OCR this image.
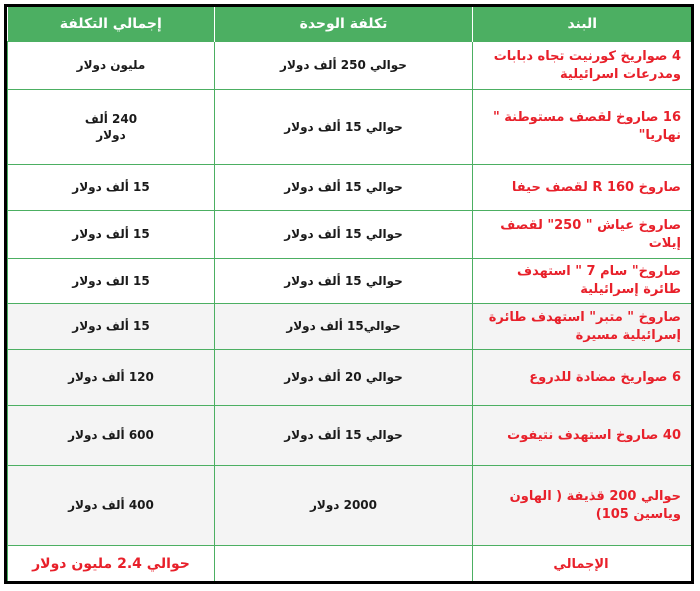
البند	تكلفة الوحدة	إجمالي التكلفة
4 صواريخ كورنيت تجاه دبابات ومدرعات اسرائيلية	حوالي 250 ألف دولار	مليون دولار
16 صاروخ لقصف مستوطنة " نهاريا"	حوالي 15 ألف دولار	240 ألف دولار

صاروخ R 160 لقصف حيفا	حوالي 15 ألف دولار	15 ألف دولار
صاروخ عياش " 250" لقصف إيلات	حوالي 15 ألف دولار	15 ألف دولار
صاروخ" سام 7 " استهدف طائرة إسرائيلية	حوالي 15 ألف دولار	15 الف دولار
صاروخ " متبر" استهدف طائرة إسرائيلية مسيرة	حوالي15 ألف دولار	15 ألف دولار
6 صواريخ مضادة للدروع	حوالي 20 ألف دولار	120 ألف دولار
40 صاروخ استهدف نتيفوت	حوالي 15 ألف دولار	600 ألف دولار
حوالي 200 قذيفة ( الهاون وياسين 105)	2000 دولار	400 ألف دولار
الإجمالي		حوالي 2.4 مليون دولار
